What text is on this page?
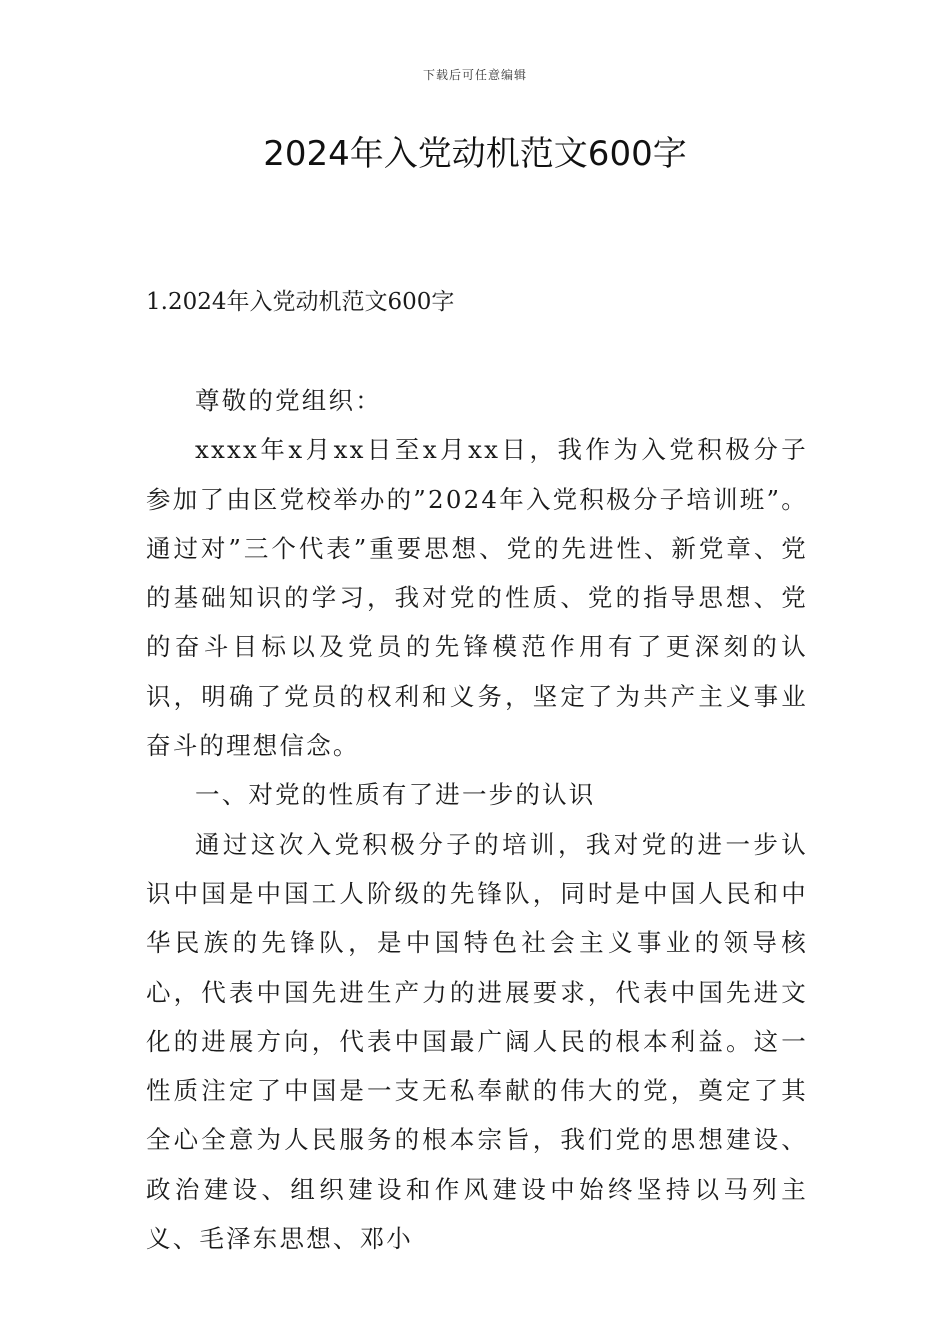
下载后可任意编辑
2024年入党动机范文600字
1.2024年入党动机范文600字

尊敬的党组织：

xxxx年x月xx日至x月xx日，我作为入党积极分子参加了由区党校举办的”2024年入党积极分子培训班”。通过对”三个代表”重要思想、党的先进性、新党章、党的基础知识的学习，我对党的性质、党的指导思想、党的奋斗目标以及党员的先锋模范作用有了更深刻的认识，明确了党员的权利和义务，坚定了为共产主义事业奋斗的理想信念。

一、对党的性质有了进一步的认识

通过这次入党积极分子的培训，我对党的进一步认识中国是中国工人阶级的先锋队，同时是中国人民和中华民族的先锋队，是中国特色社会主义事业的领导核心，代表中国先进生产力的进展要求，代表中国先进文化的进展方向，代表中国最广阔人民的根本利益。这一性质注定了中国是一支无私奉献的伟大的党，奠定了其全心全意为人民服务的根本宗旨，我们党的思想建设、政治建设、组织建设和作风建设中始终坚持以马列主义、毛泽东思想、邓小
